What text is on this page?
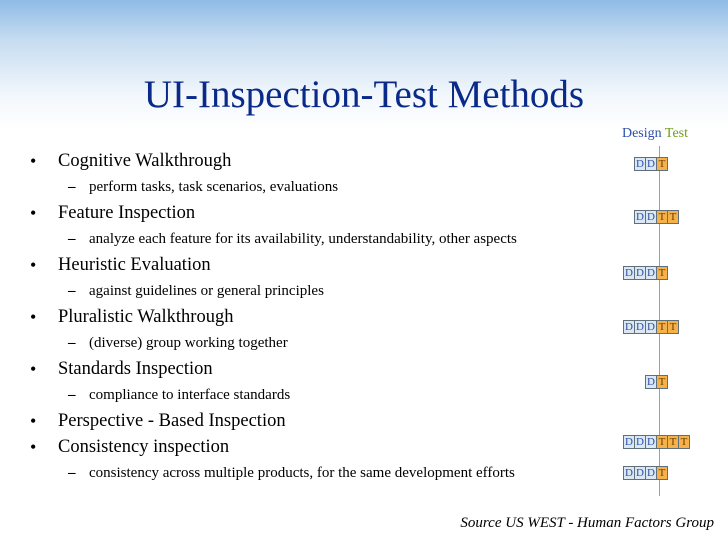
UI-Inspection-Test Methods
• Cognitive Walkthrough
– perform tasks, task scenarios, evaluations
• Feature Inspection
– analyze each feature for its availability, understandability, other aspects
• Heuristic Evaluation
– against guidelines or general principles
• Pluralistic Walkthrough
– (diverse) group working together
• Standards Inspection
– compliance to interface standards
• Perspective - Based Inspection
• Consistency inspection
– consistency across multiple products, for the same development efforts
Design Test
D D T
D D T T
D D D T
D D D T T
D T
D D D T T T
D D D T
Source US WEST - Human Factors Group
